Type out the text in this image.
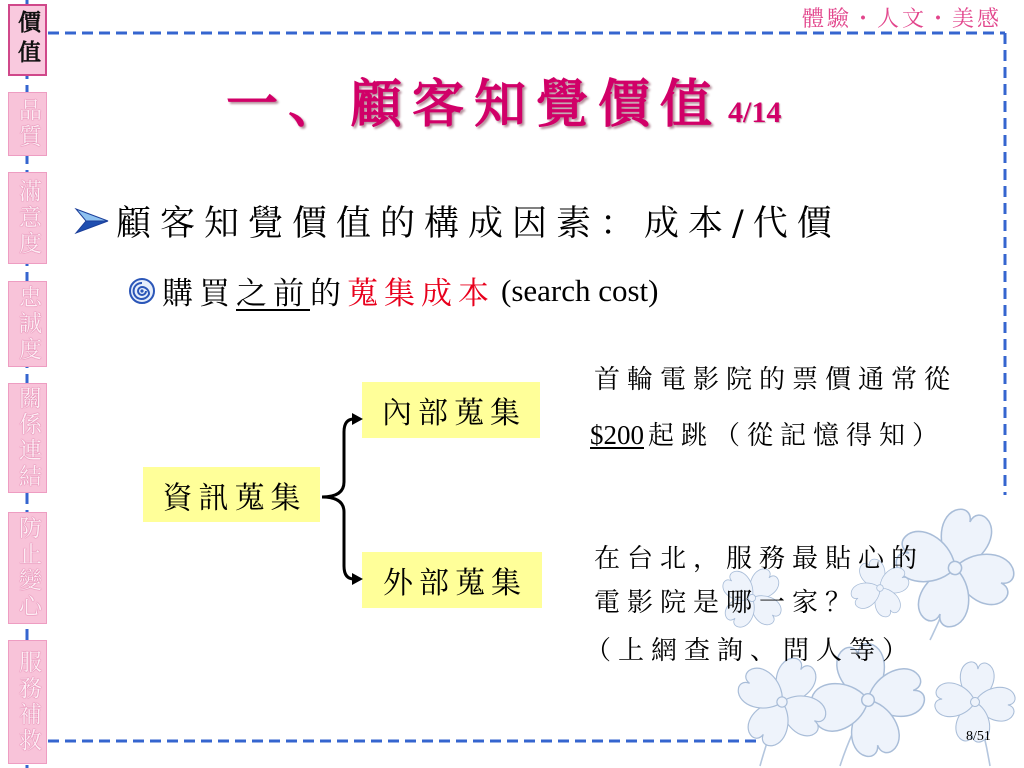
價值
品質
滿意度
忠誠度
關係連結
防止變心
服務補救
體驗・人文・美感
一、顧客知覺價值 4/14
顧客知覺價值的構成因素：成本/代價
購買 之前 的 蒐集成本 (search cost)
資訊蒐集
內部蒐集
外部蒐集
首輪電影院的票價通常從
$200 起跳（從記憶得知）
在台北，服務最貼心的
電影院是哪一家？
（上網查詢、問人等）
8/51
